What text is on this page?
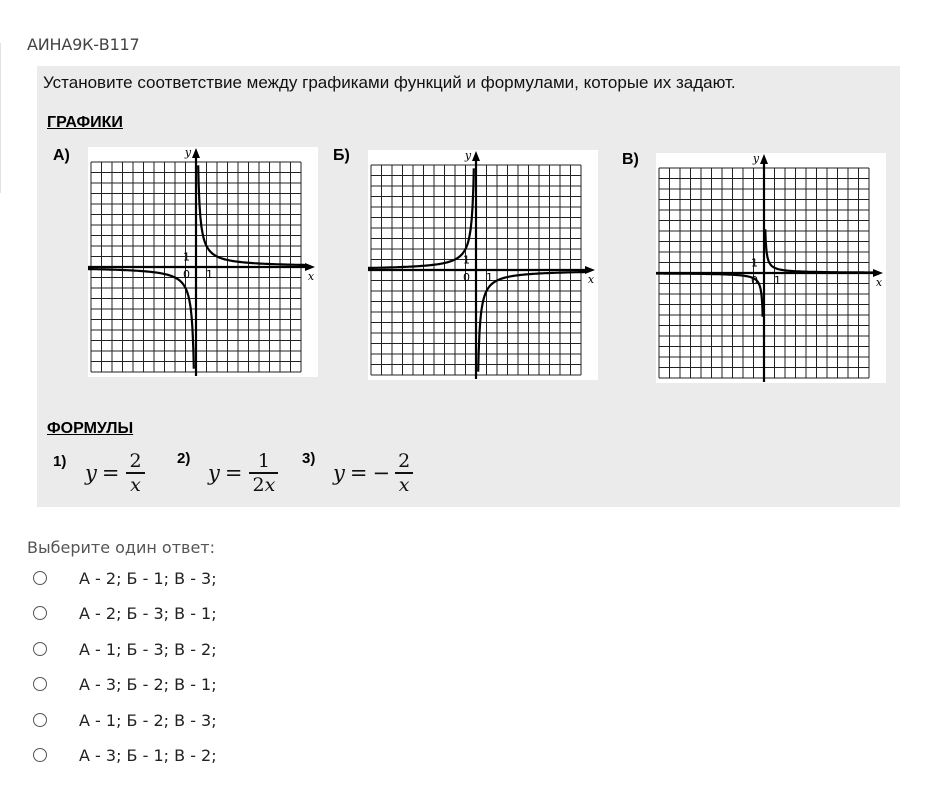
АИНА9К-В117
Установите соответствие между графиками функций и формулами, которые их задают.
ГРАФИКИ
А)	y
x
0 1
1
Б)	y
x
0 1
1
В)	y
x
0 1
1
ФОРМУЛЫ
1) $y = \frac{2}{x} 2$)
$y = \frac{1}{2x} 3$)
y = − $\frac{2}{x}$
Выберите один ответ:
А - 2; Б - 1; В - 3;
А - 2; Б - 3; В - 1;
А - 1; Б - 3; В - 2;
А - 3; Б - 2; В - 1;
А - 1; Б - 2; В - 3;
А - 3; Б - 1; В - 2;
